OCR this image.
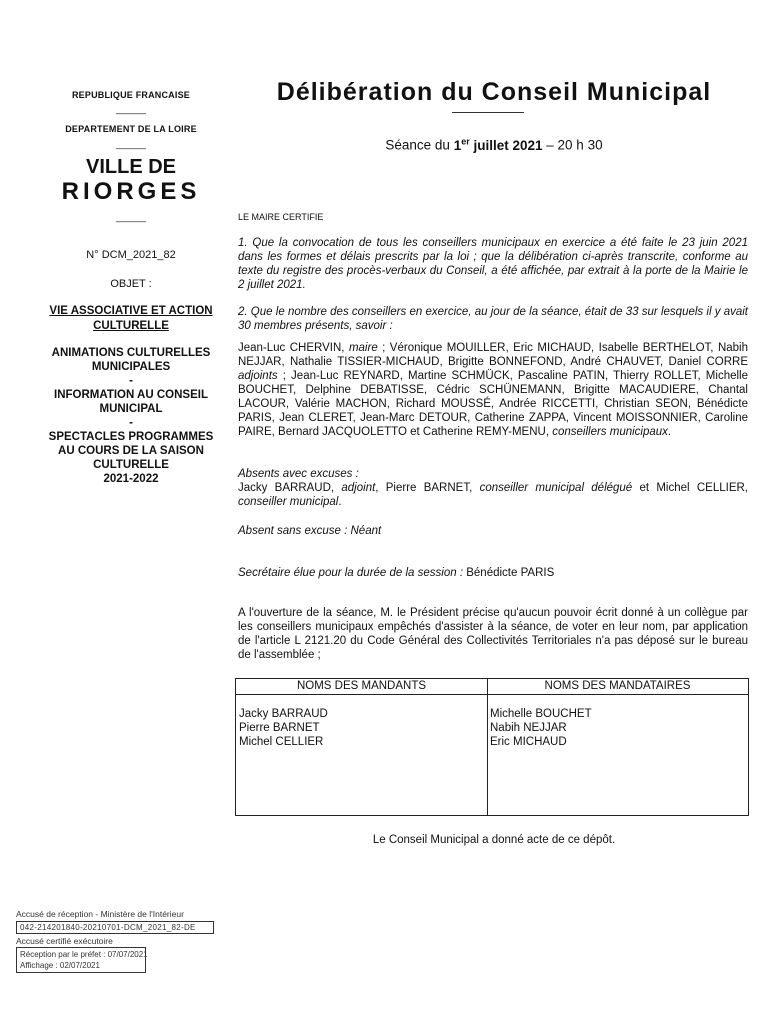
REPUBLIQUE FRANCAISE
______
DEPARTEMENT DE LA LOIRE
______
VILLE DE
RIORGES
______
N° DCM_2021_82
OBJET :
VIE ASSOCIATIVE ET ACTION CULTURELLE
ANIMATIONS CULTURELLES
MUNICIPALES
-
INFORMATION AU CONSEIL
MUNICIPAL
-
SPECTACLES PROGRAMMES
AU COURS DE LA SAISON
CULTURELLE
2021-2022
Délibération du Conseil Municipal
Séance du 1er juillet 2021 – 20 h 30
LE MAIRE CERTIFIE
1. Que la convocation de tous les conseillers municipaux en exercice a été faite le 23 juin 2021 dans les formes et délais prescrits par la loi ; que la délibération ci-après transcrite, conforme au texte du registre des procès-verbaux du Conseil, a été affichée, par extrait à la porte de la Mairie le 2 juillet 2021.
2. Que le nombre des conseillers en exercice, au jour de la séance, était de 33 sur lesquels il y avait 30 membres présents, savoir :
Jean-Luc CHERVIN, maire ; Véronique MOUILLER, Eric MICHAUD, Isabelle BERTHELOT, Nabih NEJJAR, Nathalie TISSIER-MICHAUD, Brigitte BONNEFOND, André CHAUVET, Daniel CORRE adjoints ; Jean-Luc REYNARD, Martine SCHMÜCK, Pascaline PATIN, Thierry ROLLET, Michelle BOUCHET, Delphine DEBATISSE, Cédric SCHÜNEMANN, Brigitte MACAUDIERE, Chantal LACOUR, Valérie MACHON, Richard MOUSSÉ, Andrée RICCETTI, Christian SEON, Bénédicte PARIS, Jean CLERET, Jean-Marc DETOUR, Catherine ZAPPA, Vincent MOISSONNIER, Caroline PAIRE, Bernard JACQUOLETTO et Catherine REMY-MENU, conseillers municipaux.
Absents avec excuses :
Jacky BARRAUD, adjoint, Pierre BARNET, conseiller municipal délégué et Michel CELLIER, conseiller municipal.
Absent sans excuse : Néant
Secrétaire élue pour la durée de la session : Bénédicte PARIS
A l'ouverture de la séance, M. le Président précise qu'aucun pouvoir écrit donné à un collègue par les conseillers municipaux empêchés d'assister à la séance, de voter en leur nom, par application de l'article L 2121.20 du Code Général des Collectivités Territoriales n'a pas déposé sur le bureau de l'assemblée ;
NOMS DES MANDANTS
Jacky BARRAUD
Pierre BARNET
Michel CELLIER
NOMS DES MANDATAIRES
Michelle BOUCHET
Nabih NEJJAR
Eric MICHAUD
Le Conseil Municipal a donné acte de ce dépôt.
Accusé de réception - Ministère de l'Intérieur
042-214201840-20210701-DCM_2021_82-DE
Accusé certifié exécutoire
Réception par le préfet : 07/07/2021
Affichage : 02/07/2021
